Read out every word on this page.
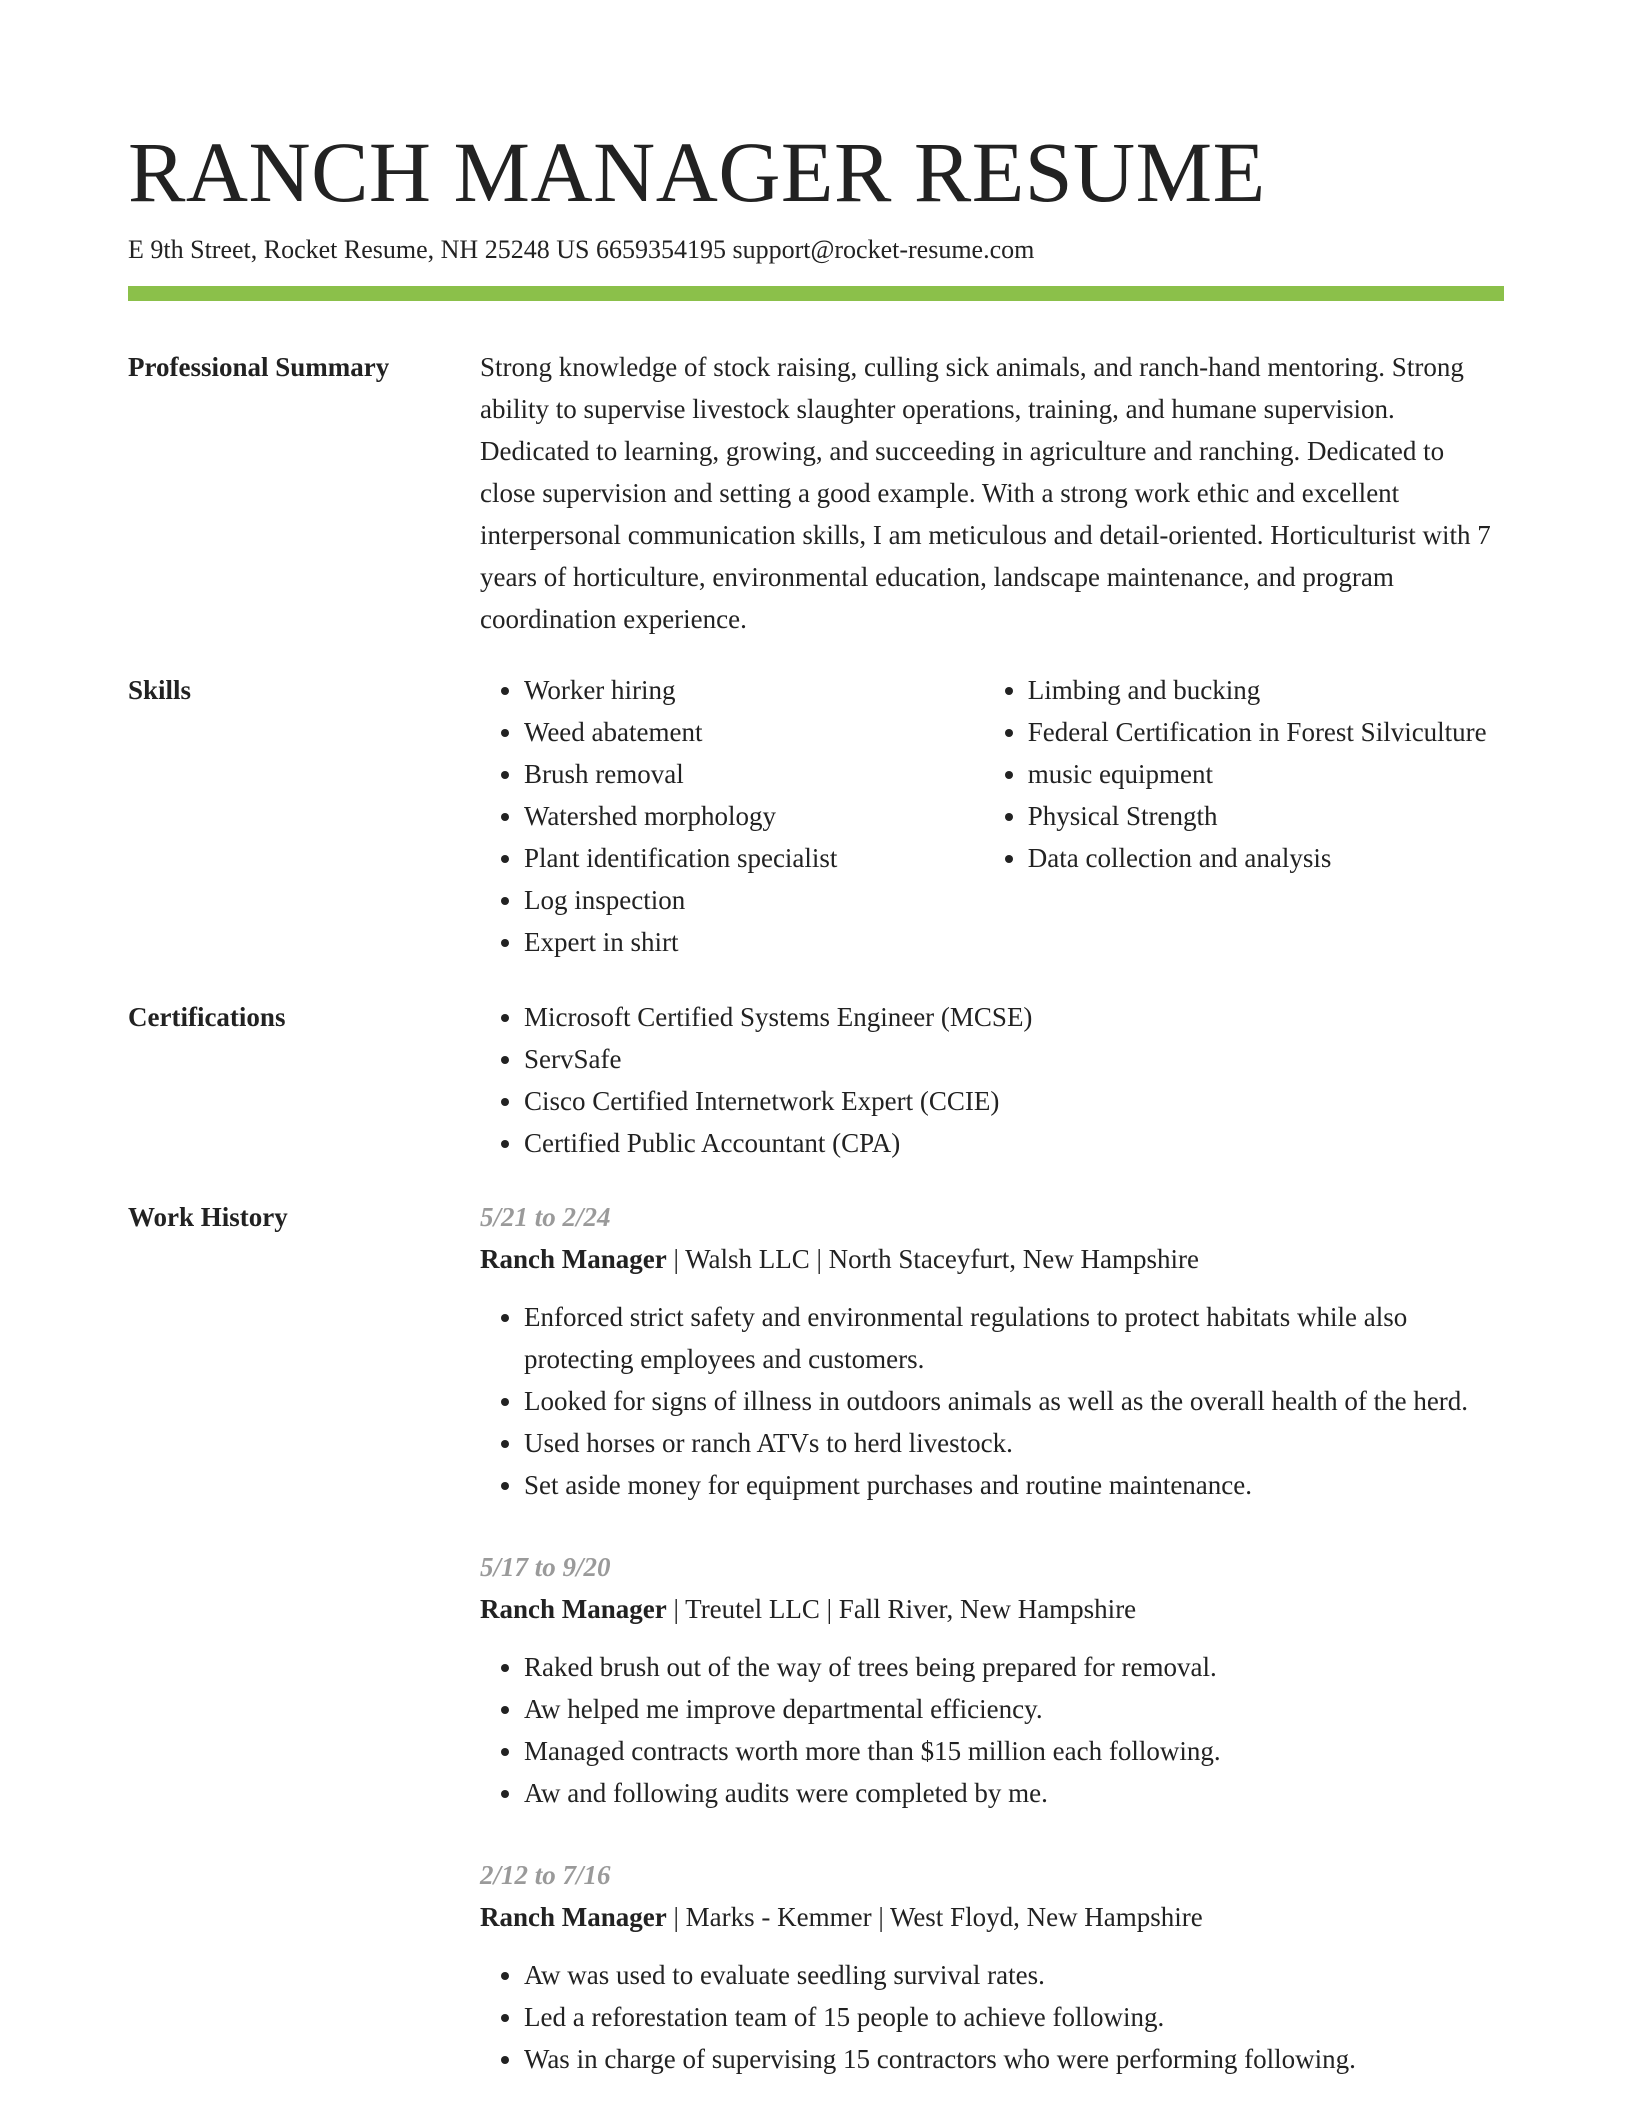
RANCH MANAGER RESUME
E 9th Street, Rocket Resume, NH 25248 US 6659354195 support@rocket-resume.com
Professional Summary	Strong knowledge of stock raising, culling sick animals, and ranch-hand mentoring. Strong ability to supervise livestock slaughter operations, training, and humane supervision. Dedicated to learning, growing, and succeeding in agriculture and ranching. Dedicated to close supervision and setting a good example. With a strong work ethic and excellent interpersonal communication skills, I am meticulous and detail-oriented. Horticulturist with 7 years of horticulture, environmental education, landscape maintenance, and program coordination experience.

Skills	• Worker hiring
• Weed abatement
• Brush removal
• Watershed morphology
• Plant identification specialist
• Log inspection
• Expert in shirt
• Limbing and bucking
• Federal Certification in Forest Silviculture
• music equipment
• Physical Strength
• Data collection and analysis
Certifications	• Microsoft Certified Systems Engineer (MCSE)
• ServSafe
• Cisco Certified Internetwork Expert (CCIE)
• Certified Public Accountant (CPA)
Work History	5/21 to 2/24
Ranch Manager | Walsh LLC | North Staceyfurt, New Hampshire
• Enforced strict safety and environmental regulations to protect habitats while also protecting employees and customers.
• Looked for signs of illness in outdoors animals as well as the overall health of the herd.
• Used horses or ranch ATVs to herd livestock.
• Set aside money for equipment purchases and routine maintenance.
5/17 to 9/20
Ranch Manager | Treutel LLC | Fall River, New Hampshire
• Raked brush out of the way of trees being prepared for removal.
• Aw helped me improve departmental efficiency.
• Managed contracts worth more than $15 million each following.
• Aw and following audits were completed by me.
2/12 to 7/16
Ranch Manager | Marks - Kemmer | West Floyd, New Hampshire
• Aw was used to evaluate seedling survival rates.
• Led a reforestation team of 15 people to achieve following.
• Was in charge of supervising 15 contractors who were performing following.
